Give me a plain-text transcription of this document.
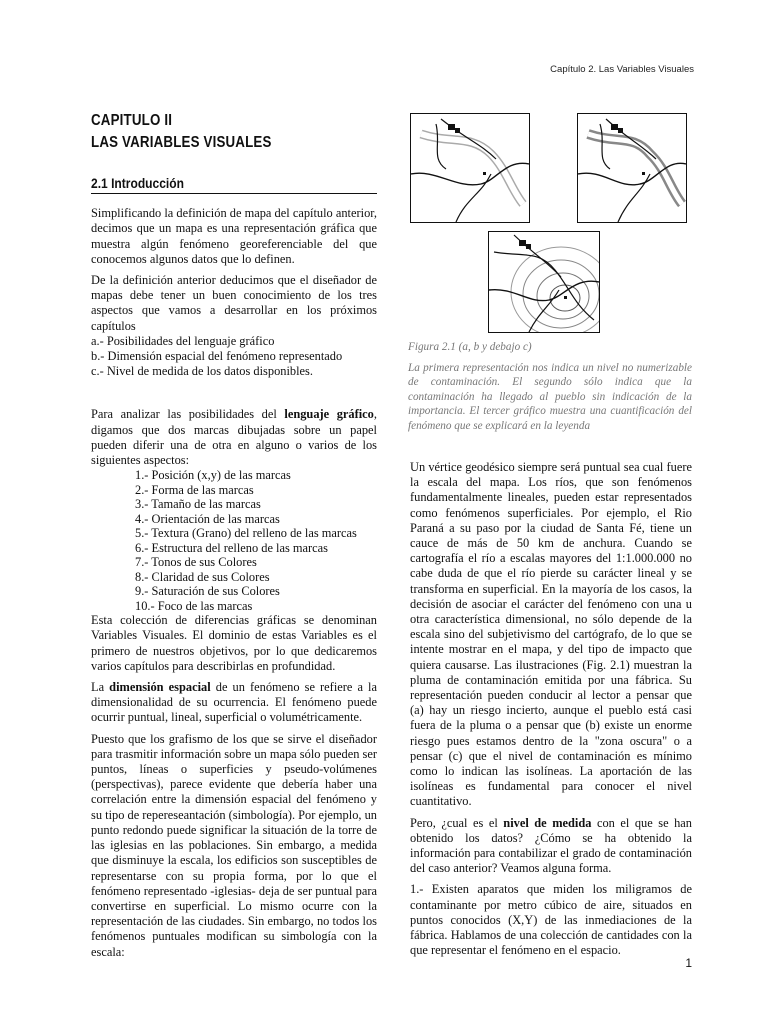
Capítulo 2. Las Variables Visuales
CAPITULO II
LAS VARIABLES VISUALES
2.1 Introducción

Simplificando la definición de mapa del capítulo anterior, decimos que un mapa es una representación gráfica que muestra algún fenómeno georeferenciable del que conocemos algunos datos que lo definen.

De la definición anterior deducimos que el diseñador de mapas debe tener un buen conocimiento de los tres aspectos que vamos a desarrollar en los próximos capítulos

a.- Posibilidades del lenguaje gráfico
b.- Dimensión espacial del fenómeno representado
c.- Nivel de medida de los datos disponibles.

Para analizar las posibilidades del lenguaje gráfico, digamos que dos marcas dibujadas sobre un papel pueden diferir una de otra en alguno o varios de los siguientes aspectos:

1.- Posición (x,y) de las marcas
2.- Forma de las marcas
3.- Tamaño de las marcas
4.- Orientación de las marcas
5.- Textura (Grano) del relleno de las marcas
6.- Estructura del relleno de las marcas
7.- Tonos de sus Colores
8.- Claridad de sus Colores
9.- Saturación de sus Colores
10.- Foco de las marcas

Esta colección de diferencias gráficas se denominan Variables Visuales. El dominio de estas Variables es el primero de nuestros objetivos, por lo que dedicaremos varios capítulos para describirlas en profundidad.

La dimensión espacial de un fenómeno se refiere a la dimensionalidad de su ocurrencia. El fenómeno puede ocurrir puntual, lineal, superficial o volumétricamente.

Puesto que los grafismo de los que se sirve el diseñador para trasmitir información sobre un mapa sólo pueden ser puntos, líneas o superficies y pseudo-volúmenes (perspectivas), parece evidente que debería haber una correlación entre la dimensión espacial del fenómeno y su tipo de repereseantación (simbología). Por ejemplo, un punto redondo puede significar la situación de la torre de las iglesias en las poblaciones. Sin embargo, a medida que disminuye la escala, los edificios son susceptibles de representarse con su propia forma, por lo que el fenómeno representado -iglesias- deja de ser puntual para convertirse en superficial. Lo mismo ocurre con la representación de las ciudades. Sin embargo, no todos los fenómenos puntuales modifican su simbología con la escala:

Figura 2.1 (a, b y debajo c)
La primera representación nos indica un nivel no numerizable de contaminación. El segundo sólo indica que la contaminación ha llegado al pueblo sin indicación de la importancia. El tercer gráfico muestra una cuantificación del fenómeno que se explicará en la leyenda

Un vértice geodésico siempre será puntual sea cual fuere la escala del mapa. Los ríos, que son fenómenos fundamentalmente lineales, pueden estar representados como fenómenos superficiales. Por ejemplo, el Rio Paraná a su paso por la ciudad de Santa Fé, tiene un cauce de más de 50 km de anchura. Cuando se cartografía el río a escalas mayores del 1:1.000.000 no cabe duda de que el río pierde su carácter lineal y se transforma en superficial. En la mayoría de los casos, la decisión de asociar el carácter del fenómeno con una u otra característica dimensional, no sólo depende de la escala sino del subjetivismo del cartógrafo, de lo que se intente mostrar en el mapa, y del tipo de impacto que quiera causarse. Las ilustraciones (Fig. 2.1) muestran la pluma de contaminación emitida por una fábrica. Su representación pueden conducir al lector a pensar que (a) hay un riesgo incierto, aunque el pueblo está casi fuera de la pluma o a pensar que (b) existe un enorme riesgo pues estamos dentro de la "zona oscura" o a pensar (c) que el nivel de contaminación es mínimo como lo indican las isolíneas. La aportación de las isolíneas es fundamental para conocer el nivel cuantitativo.

Pero, ¿cual es el nivel de medida con el que se han obtenido los datos? ¿Cómo se ha obtenido la información para contabilizar el grado de contaminación del caso anterior? Veamos alguna forma.

1.- Existen aparatos que miden los miligramos de contaminante por metro cúbico de aire, situados en puntos conocidos (X,Y) de las inmediaciones de la fábrica. Hablamos de una colección de cantidades con la que representar el fenómeno en el espacio.

1
